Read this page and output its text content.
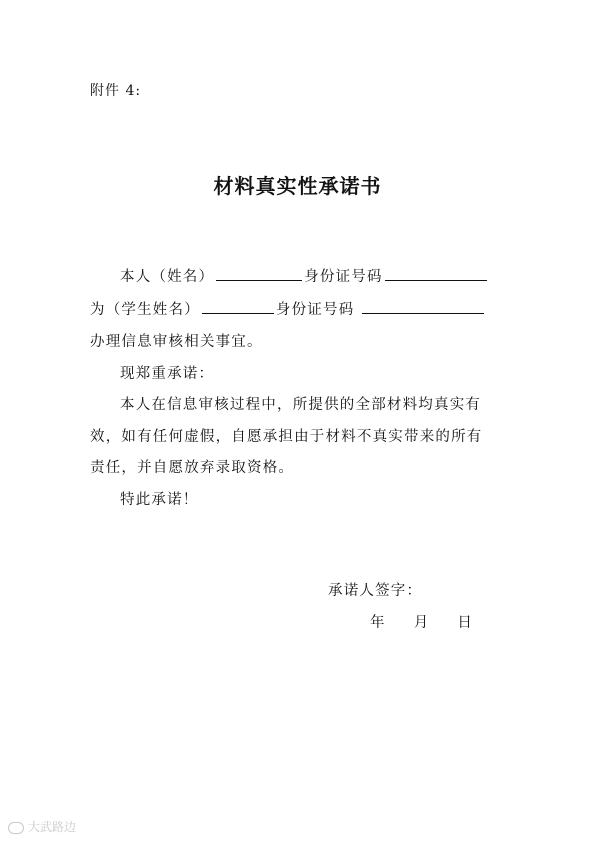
附件 4:
材料真实性承诺书
本人（姓名）	身份证号码
为（学生姓名）	身份证号码
办理信息审核相关事宜。
现郑重承诺：
本人在信息审核过程中，所提供的全部材料均真实有
效，如有任何虚假，自愿承担由于材料不真实带来的所有
责任，并自愿放弃录取资格。
特此承诺！
承诺人签字：
年 月 日
大武路边
